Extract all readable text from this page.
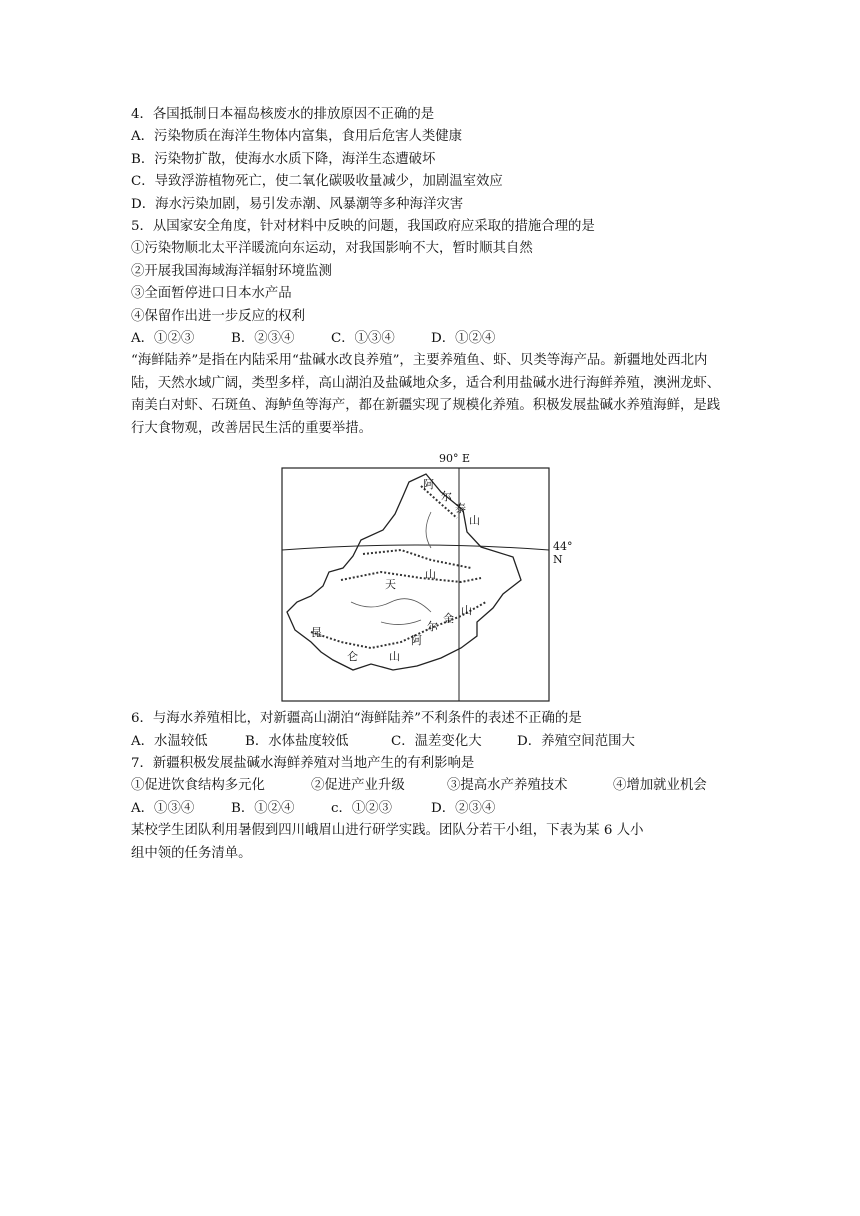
4．各国抵制日本福岛核废水的排放原因不正确的是
A．污染物质在海洋生物体内富集，食用后危害人类健康
B．污染物扩散，使海水水质下降，海洋生态遭破坏
C．导致浮游植物死亡，使二氧化碳吸收量减少，加剧温室效应
D．海水污染加剧，易引发赤潮、风暴潮等多种海洋灾害
5．从国家安全角度，针对材料中反映的问题，我国政府应采取的措施合理的是
①污染物顺北太平洋暖流向东运动，对我国影响不大，暂时顺其自然
②开展我国海域海洋辐射环境监测
③全面暂停进口日本水产品
④保留作出进一步反应的权利
A．①②③	B．②③④	C．①③④	D．①②④
“海鲜陆养”是指在内陆采用“盐碱水改良养殖”，主要养殖鱼、虾、贝类等海产品。新疆地处西北内陆，天然水域广阔，类型多样，高山湖泊及盐碱地众多，适合利用盐碱水进行海鲜养殖，澳洲龙虾、南美白对虾、石斑鱼、海鲈鱼等海产，都在新疆实现了规模化养殖。积极发展盐碱水养殖海鲜，是践行大食物观，改善居民生活的重要举措。
90° E
44° N
阿
尔
泰
山
天
山
阿
尔
金
山
昆
仑	山
6．与海水养殖相比，对新疆高山湖泊“海鲜陆养”不利条件的表述不正确的是
A．水温较低	B．水体盐度较低	C．温差变化大	D．养殖空间范围大
7．新疆积极发展盐碱水海鲜养殖对当地产生的有利影响是
①促进饮食结构多元化	②促进产业升级	③提高水产养殖技术	④增加就业机会
A．①③④	B．①②④	c．①②③	D．②③④
某校学生团队利用暑假到四川峨眉山进行研学实践。团队分若干小组，下表为某 6 人小
组中领的任务清单。
